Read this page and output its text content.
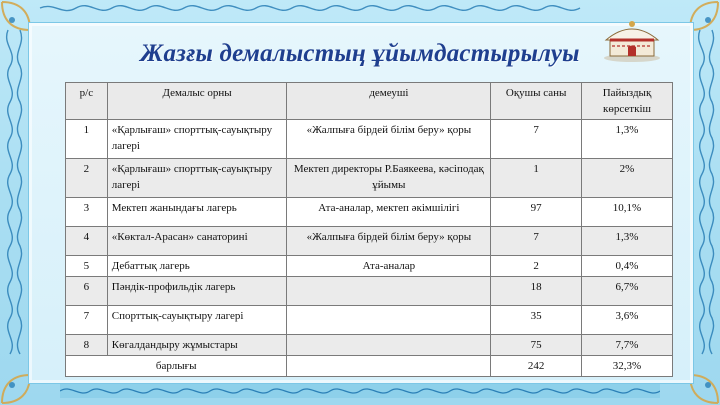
Жазғы демалыстың ұйымдастырылуы
р/с	Демалыс орны	демеуші	Оқушы саны	Пайыздық көрсеткіш
1	«Қарлығаш» спорттық-сауықтыру лагері	«Жалпыға бірдей білім беру» қоры	7	1,3%
2	«Қарлығаш» спорттық-сауықтыру лагері	Мектеп директоры Р.Баякеева, кәсіподақ ұйымы	1	2%
3	Мектеп жанындағы лагерь	Ата-аналар, мектеп әкімшілігі	97	10,1%
4	«Көктал-Арасан» санаторині	«Жалпыға бірдей білім беру» қоры	7	1,3%
5	Дебаттық лагерь	Ата-аналар	2	0,4%
6	Пәндік-профильдік лагерь		18	6,7%
7	Спорттық-сауықтыру лагері		35	3,6%
8	Көгалдандыру жұмыстары		75	7,7%
барлығы			242	32,3%
